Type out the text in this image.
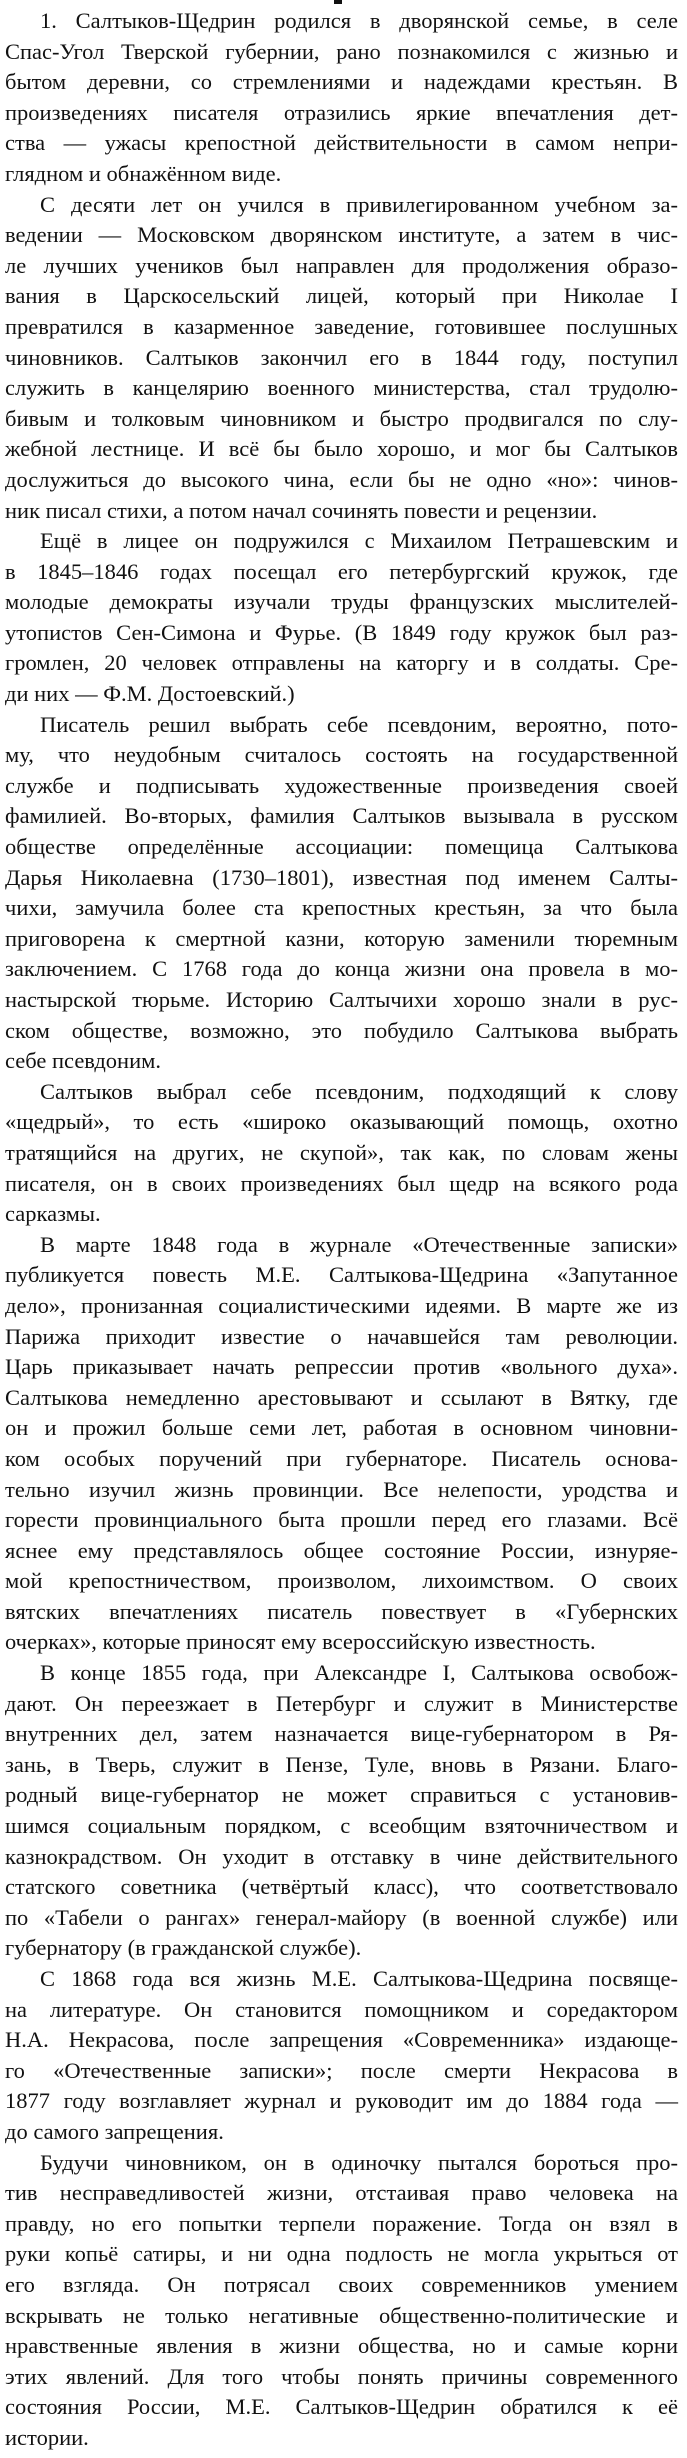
1. Салтыков-Щедрин родился в дворянской семье, в селе
Спас-Угол Тверской губернии, рано познакомился с жизнью и
бытом деревни, со стремлениями и надеждами крестьян. В
произведениях писателя отразились яркие впечатления дет-
ства — ужасы крепостной действительности в самом непри-
глядном и обнажённом виде.
С десяти лет он учился в привилегированном учебном за-
ведении — Московском дворянском институте, а затем в чис-
ле лучших учеников был направлен для продолжения образо-
вания в Царскосельский лицей, который при Николае I
превратился в казарменное заведение, готовившее послушных
чиновников. Салтыков закончил его в 1844 году, поступил
служить в канцелярию военного министерства, стал трудолю-
бивым и толковым чиновником и быстро продвигался по слу-
жебной лестнице. И всё бы было хорошо, и мог бы Салтыков
дослужиться до высокого чина, если бы не одно «но»: чинов-
ник писал стихи, а потом начал сочинять повести и рецензии.
Ещё в лицее он подружился с Михаилом Петрашевским и
в 1845–1846 годах посещал его петербургский кружок, где
молодые демократы изучали труды французских мыслителей-
утопистов Сен-Симона и Фурье. (В 1849 году кружок был раз-
громлен, 20 человек отправлены на каторгу и в солдаты. Сре-
ди них — Ф.М. Достоевский.)
Писатель решил выбрать себе псевдоним, вероятно, пото-
му, что неудобным считалось состоять на государственной
службе и подписывать художественные произведения своей
фамилией. Во-вторых, фамилия Салтыков вызывала в русском
обществе определённые ассоциации: помещица Салтыкова
Дарья Николаевна (1730–1801), известная под именем Салты-
чихи, замучила более ста крепостных крестьян, за что была
приговорена к смертной казни, которую заменили тюремным
заключением. С 1768 года до конца жизни она провела в мо-
настырской тюрьме. Историю Салтычихи хорошо знали в рус-
ском обществе, возможно, это побудило Салтыкова выбрать
себе псевдоним.
Салтыков выбрал себе псевдоним, подходящий к слову
«щедрый», то есть «широко оказывающий помощь, охотно
тратящийся на других, не скупой», так как, по словам жены
писателя, он в своих произведениях был щедр на всякого рода
сарказмы.
В марте 1848 года в журнале «Отечественные записки»
публикуется повесть М.Е. Салтыкова-Щедрина «Запутанное
дело», пронизанная социалистическими идеями. В марте же из
Парижа приходит известие о начавшейся там революции.
Царь приказывает начать репрессии против «вольного духа».
Салтыкова немедленно арестовывают и ссылают в Вятку, где
он и прожил больше семи лет, работая в основном чиновни-
ком особых поручений при губернаторе. Писатель основа-
тельно изучил жизнь провинции. Все нелепости, уродства и
горести провинциального быта прошли перед его глазами. Всё
яснее ему представлялось общее состояние России, изнуряе-
мой крепостничеством, произволом, лихоимством. О своих
вятских впечатлениях писатель повествует в «Губернских
очерках», которые приносят ему всероссийскую известность.
В конце 1855 года, при Александре I, Салтыкова освобож-
дают. Он переезжает в Петербург и служит в Министерстве
внутренних дел, затем назначается вице-губернатором в Ря-
зань, в Тверь, служит в Пензе, Туле, вновь в Рязани. Благо-
родный вице-губернатор не может справиться с установив-
шимся социальным порядком, с всеобщим взяточничеством и
казнокрадством. Он уходит в отставку в чине действительного
статского советника (четвёртый класс), что соответствовало
по «Табели о рангах» генерал-майору (в военной службе) или
губернатору (в гражданской службе).
С 1868 года вся жизнь М.Е. Салтыкова-Щедрина посвяще-
на литературе. Он становится помощником и соредактором
Н.А. Некрасова, после запрещения «Современника» издающе-
го «Отечественные записки»; после смерти Некрасова в
1877 году возглавляет журнал и руководит им до 1884 года —
до самого запрещения.
Будучи чиновником, он в одиночку пытался бороться про-
тив несправедливостей жизни, отстаивая право человека на
правду, но его попытки терпели поражение. Тогда он взял в
руки копьё сатиры, и ни одна подлость не могла укрыться от
его взгляда. Он потрясал своих современников умением
вскрывать не только негативные общественно-политические и
нравственные явления в жизни общества, но и самые корни
этих явлений. Для того чтобы понять причины современного
состояния России, М.Е. Салтыков-Щедрин обратился к её
истории.
